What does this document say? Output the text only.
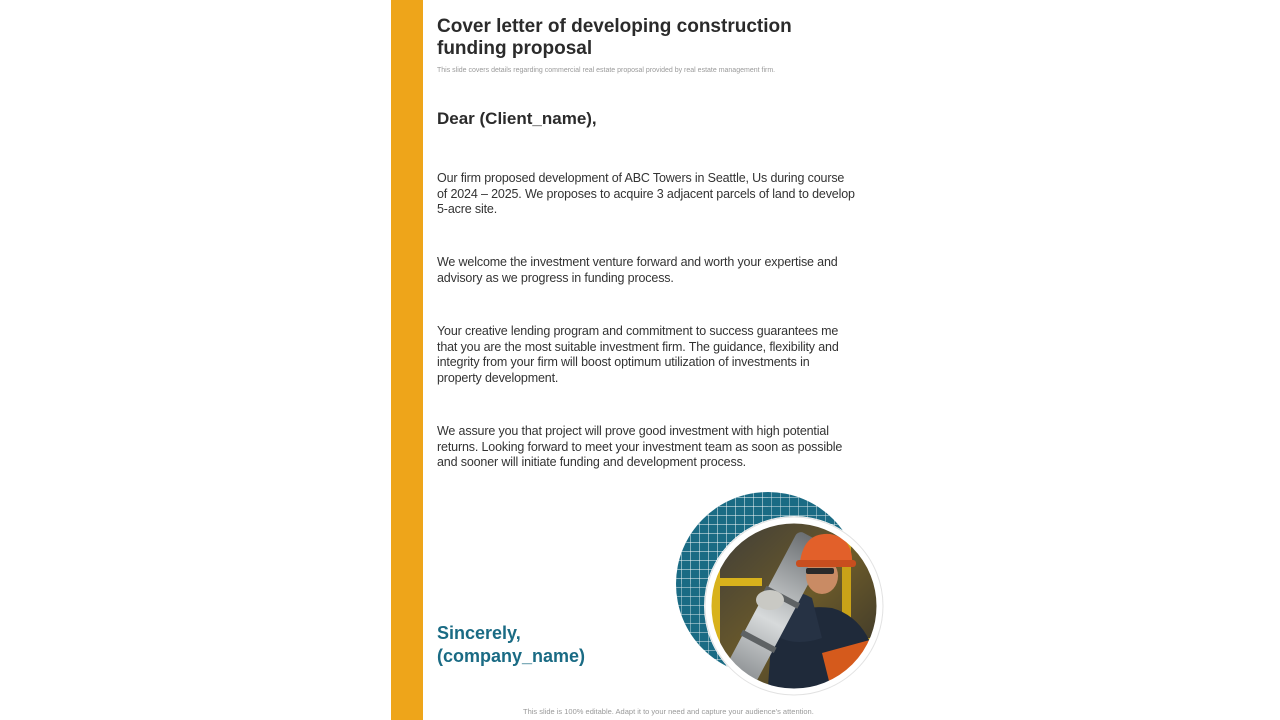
Cover letter of developing construction funding proposal
This slide covers details regarding commercial real estate proposal provided by real estate management firm.
Dear (Client_name),
Our firm proposed development of ABC Towers in Seattle, Us during course of 2024 – 2025. We proposes to acquire 3 adjacent parcels of land to develop 5-acre site.
We welcome the investment venture forward and worth your expertise and advisory as we progress in funding process.
Your creative lending program and commitment to success guarantees me that you are the most suitable investment firm. The guidance, flexibility and integrity from your firm will boost optimum utilization of investments in property development.
We assure you that project will prove good investment with high potential returns. Looking forward to meet your investment team as soon as possible and sooner will initiate funding and development process.
Sincerely,
(company_name)
This slide is 100% editable. Adapt it to your need and capture your audience's attention.
